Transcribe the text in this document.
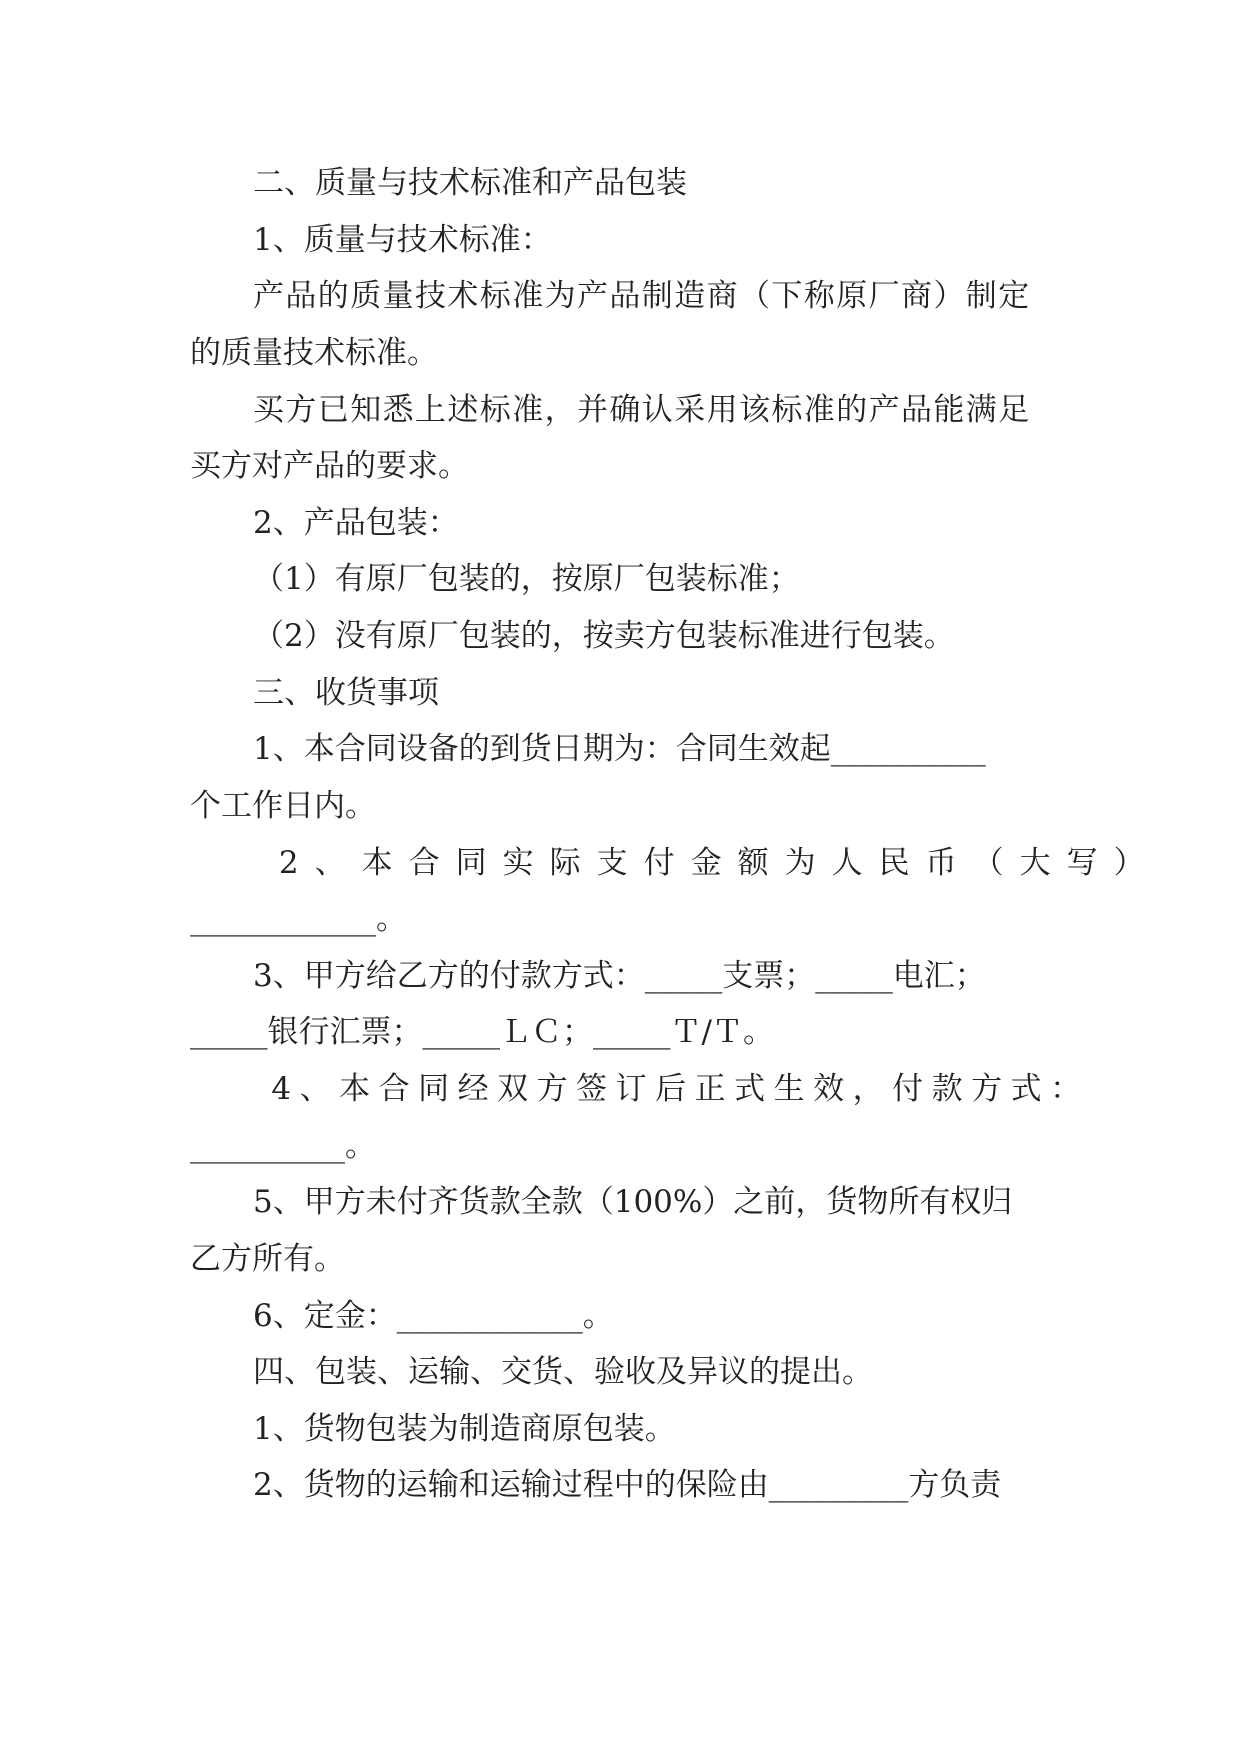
二、质量与技术标准和产品包装
1、质量与技术标准：
产品的质量技术标准为产品制造商（下称原厂商）制定
的质量技术标准。
买方已知悉上述标准，并确认采用该标准的产品能满足
买方对产品的要求。
2、产品包装：
（1）有原厂包装的，按原厂包装标准；
（2）没有原厂包装的，按卖方包装标准进行包装。
三、收货事项
1、本合同设备的到货日期为：合同生效起__________
个工作日内。
2、本合同实际支付金额为人民币（大写）
____________。
3、甲方给乙方的付款方式：_____支票；_____电汇；
_____银行汇票；_____ＬＣ；_____Ｔ/Ｔ。
4、本合同经双方签订后正式生效，付款方式：
__________。
5、甲方未付齐货款全款（100%）之前，货物所有权归
乙方所有。
6、定金：____________。
四、包装、运输、交货、验收及异议的提出。
1、货物包装为制造商原包装。
2、货物的运输和运输过程中的保险由_________方负责
